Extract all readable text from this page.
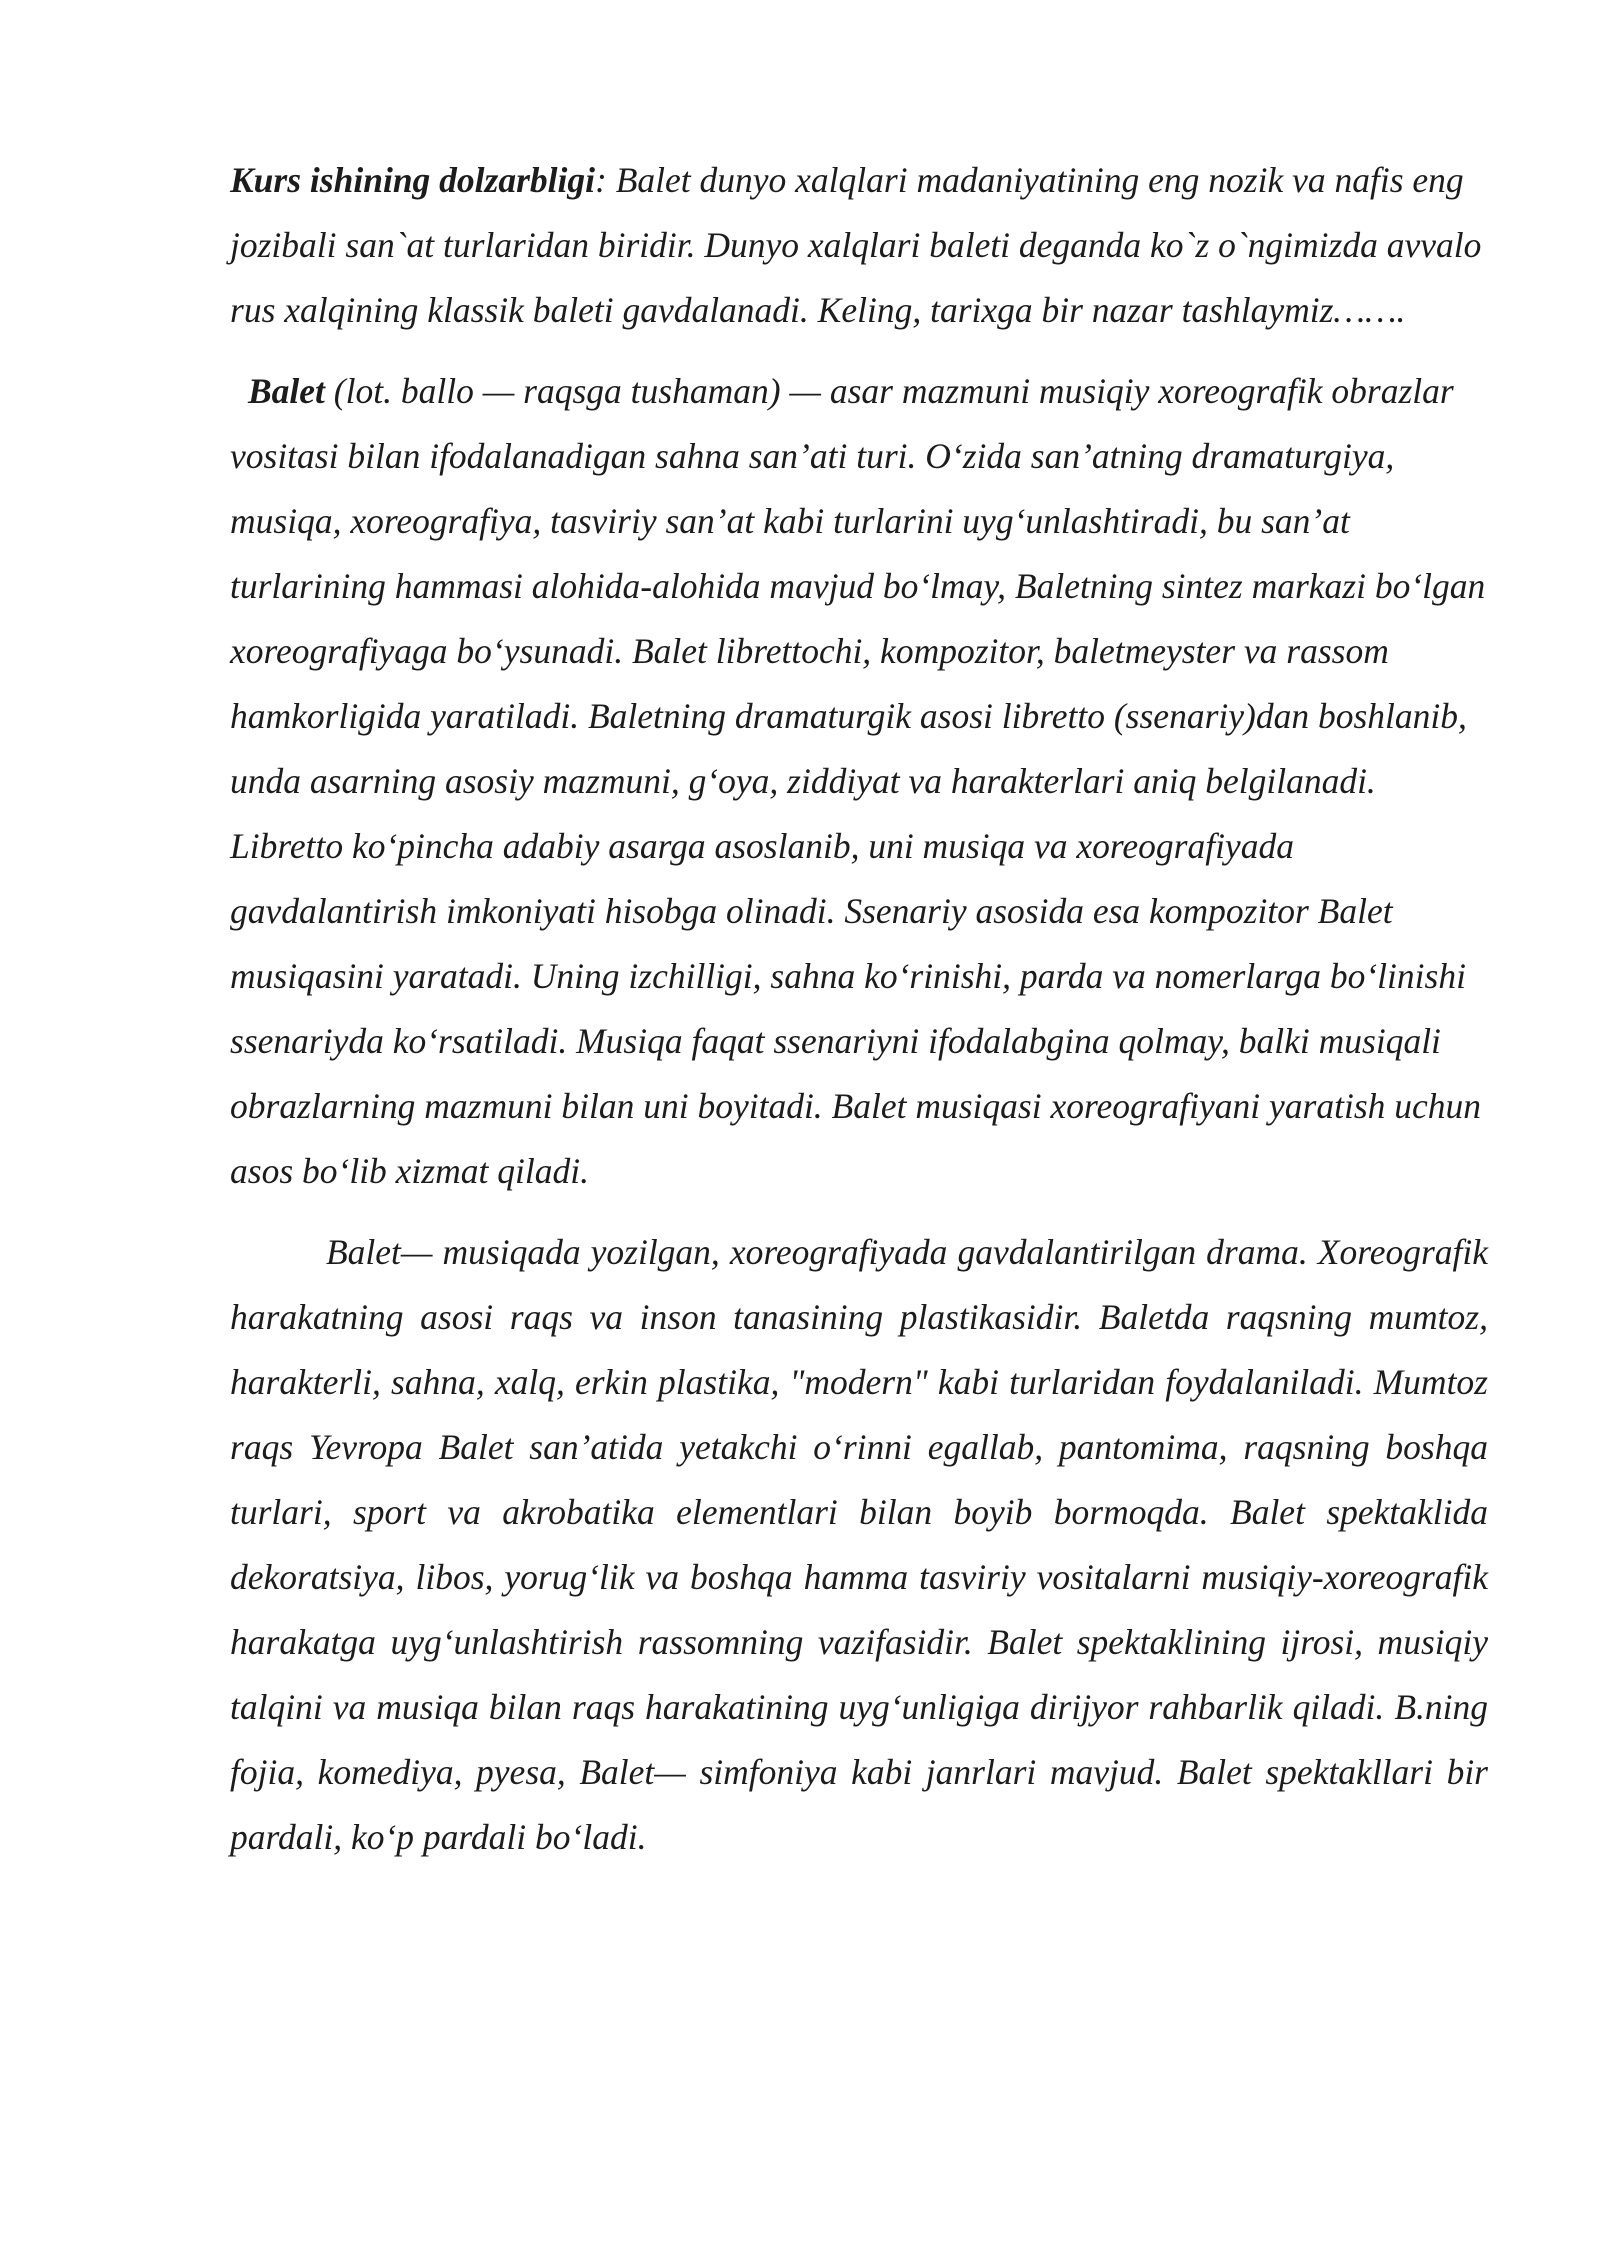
Kurs ishining dolzarbligi: Balet dunyo xalqlari madaniyatining eng nozik va nafis eng jozibali san`at turlaridan biridir. Dunyo xalqlari baleti deganda ko`z o`ngimizda avvalo rus xalqining klassik baleti gavdalanadi. Keling, tarixga bir nazar tashlaymiz…….

Balet (lot. ballo — raqsga tushaman) — asar mazmuni musiqiy xoreografik obrazlar vositasi bilan ifodalanadigan sahna san’ati turi. O‘zida san’atning dramaturgiya, musiqa, xoreografiya, tasviriy san’at kabi turlarini uyg‘unlashtiradi, bu san’at turlarining hammasi alohida-alohida mavjud bo‘lmay, Baletning sintez markazi bo‘lgan xoreografiyaga bo‘ysunadi. Balet librettochi, kompozitor, baletmeyster va rassom hamkorligida yaratiladi. Baletning dramaturgik asosi libretto (ssenariy)dan boshlanib, unda asarning asosiy mazmuni, g‘oya, ziddiyat va harakterlari aniq belgilanadi. Libretto ko‘pincha adabiy asarga asoslanib, uni musiqa va xoreografiyada gavdalantirish imkoniyati hisobga olinadi. Ssenariy asosida esa kompozitor Balet musiqasini yaratadi. Uning izchilligi, sahna ko‘rinishi, parda va nomerlarga bo‘linishi ssenariyda ko‘rsatiladi. Musiqa faqat ssenariyni ifodalabgina qolmay, balki musiqali obrazlarning mazmuni bilan uni boyitadi. Balet musiqasi xoreografiyani yaratish uchun asos bo‘lib xizmat qiladi.

Balet— musiqada yozilgan, xoreografiyada gavdalantirilgan drama. Xoreografik harakatning asosi raqs va inson tanasining plastikasidir. Baletda raqsning mumtoz, harakterli, sahna, xalq, erkin plastika, "modern" kabi turlaridan foydalaniladi. Mumtoz raqs Yevropa Balet san’atida yetakchi o‘rinni egallab, pantomima, raqsning boshqa turlari, sport va akrobatika elementlari bilan boyib bormoqda. Balet spektaklida dekoratsiya, libos, yorug‘lik va boshqa hamma tasviriy vositalarni musiqiy-xoreografik harakatga uyg‘unlashtirish rassomning vazifasidir. Balet spektaklining ijrosi, musiqiy talqini va musiqa bilan raqs harakatining uyg‘unligiga dirijyor rahbarlik qiladi. B.ning fojia, komediya, pyesa, Balet— simfoniya kabi janrlari mavjud. Balet spektakllari bir pardali, ko‘p pardali bo‘ladi.
